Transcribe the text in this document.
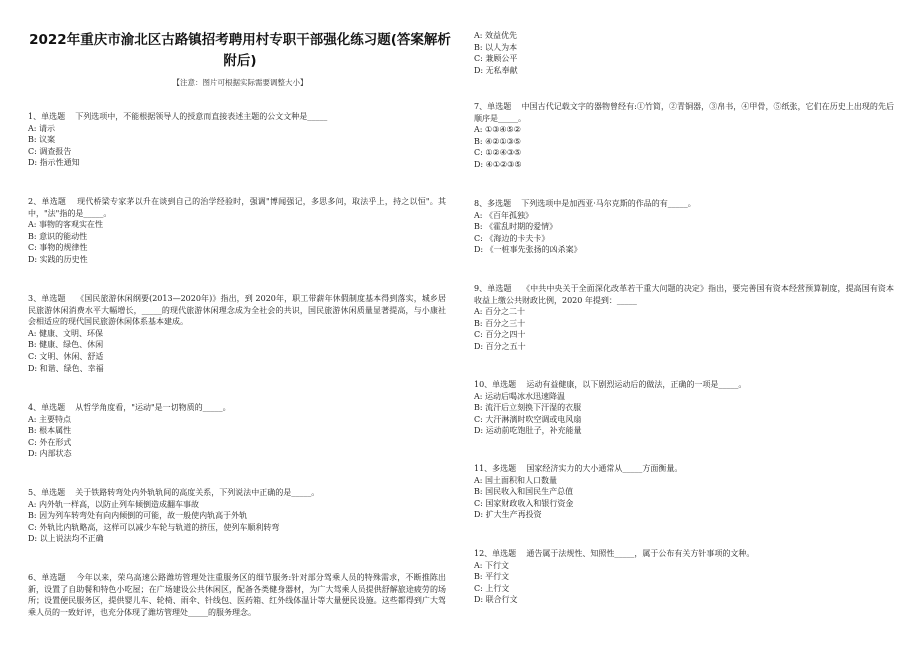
2022年重庆市渝北区古路镇招考聘用村专职干部强化练习题(答案解析附后)
【注意：图片可根据实际需要调整大小】
1、单选题 下列选项中，不能根据领导人的授意而直接表述主题的公文文种是_____
A: 请示
B: 议案
C: 调查报告
D: 指示性通知
2、单选题 现代桥梁专家茅以升在谈到自己的治学经验时，强调"博闻强记，多思多问，取法乎上，持之以恒"。其中，"法"指的是_____。
A: 事物的客观实在性
B: 意识的能动性
C: 事物的规律性
D: 实践的历史性
3、单选题 《国民旅游休闲纲要(2013—2020年)》指出，到 2020年，职工带薪年休假制度基本得到落实，城乡居民旅游休闲消费水平大幅增长，_____的现代旅游休闲理念成为全社会的共识，国民旅游休闲质量显著提高，与小康社会相适应的现代国民旅游休闲体系基本建成。
A: 健康、文明、环保
B: 健康、绿色、休闲
C: 文明、休闲、舒适
D: 和谐、绿色、幸福
4、单选题 从哲学角度看，"运动"是一切物质的_____。
A: 主要特点
B: 根本属性
C: 外在形式
D: 内部状态
5、单选题 关于铁路转弯处内外轨轨间的高度关系，下列说法中正确的是_____。
A: 内外轨一样高，以防止列车倾倒造成翻车事故
B: 因为列车转弯处有向内倾倒的可能，故一般使内轨高于外轨
C: 外轨比内轨略高，这样可以减少车轮与轨道的挤压，使列车顺利转弯
D: 以上说法均不正确
6、单选题 今年以来，荣乌高速公路潍坊管理处注重服务区的细节服务:针对部分驾乘人员的特殊需求，不断推陈出新，设置了自助餐和特色小吃屋；在广场建设公共休闲区，配备各类健身器材，为广大驾乘人员提供舒解旅途疲劳的场所；设置便民服务区，提供婴儿车、轮椅、雨伞、针线包、医药箱、红外线体温计等大量便民设施。这些都得到广大驾乘人员的一致好评，也充分体现了潍坊管理处_____的服务理念。
A: 效益优先
B: 以人为本
C: 兼顾公平
D: 无私奉献
7、单选题 中国古代记载文字的器物曾经有:①竹简，②青铜器，③帛书，④甲骨，⑤纸张，它们在历史上出现的先后顺序是_____。
A: ①③④⑤②
B: ④②①③⑤
C: ①②④③⑤
D: ④①②③⑤
8、多选题 下列选项中是加西亚·马尔克斯的作品的有_____。
A: 《百年孤独》
B: 《霍乱时期的爱情》
C: 《海边的卡夫卡》
D: 《一桩事先张扬的凶杀案》
9、单选题 《中共中央关于全面深化改革若干重大问题的决定》指出，要完善国有资本经营预算制度，提高国有资本收益上缴公共财政比例，2020 年提到：_____
A: 百分之二十
B: 百分之三十
C: 百分之四十
D: 百分之五十
10、单选题 运动有益健康，以下剧烈运动后的做法，正确的一项是_____。
A: 运动后喝冰水迅速降温
B: 流汗后立刻换下汗湿的衣服
C: 大汗淋漓时吹空调或电风扇
D: 运动前吃饱肚子，补充能量
11、多选题 国家经济实力的大小通常从_____方面衡量。
A: 国土面积和人口数量
B: 国民收入和国民生产总值
C: 国家财政收入和银行资金
D: 扩大生产再投资
12、单选题 通告属于法规性、知照性_____，属于公布有关方针事项的文种。
A: 下行文
B: 平行文
C: 上行文
D: 联合行文
